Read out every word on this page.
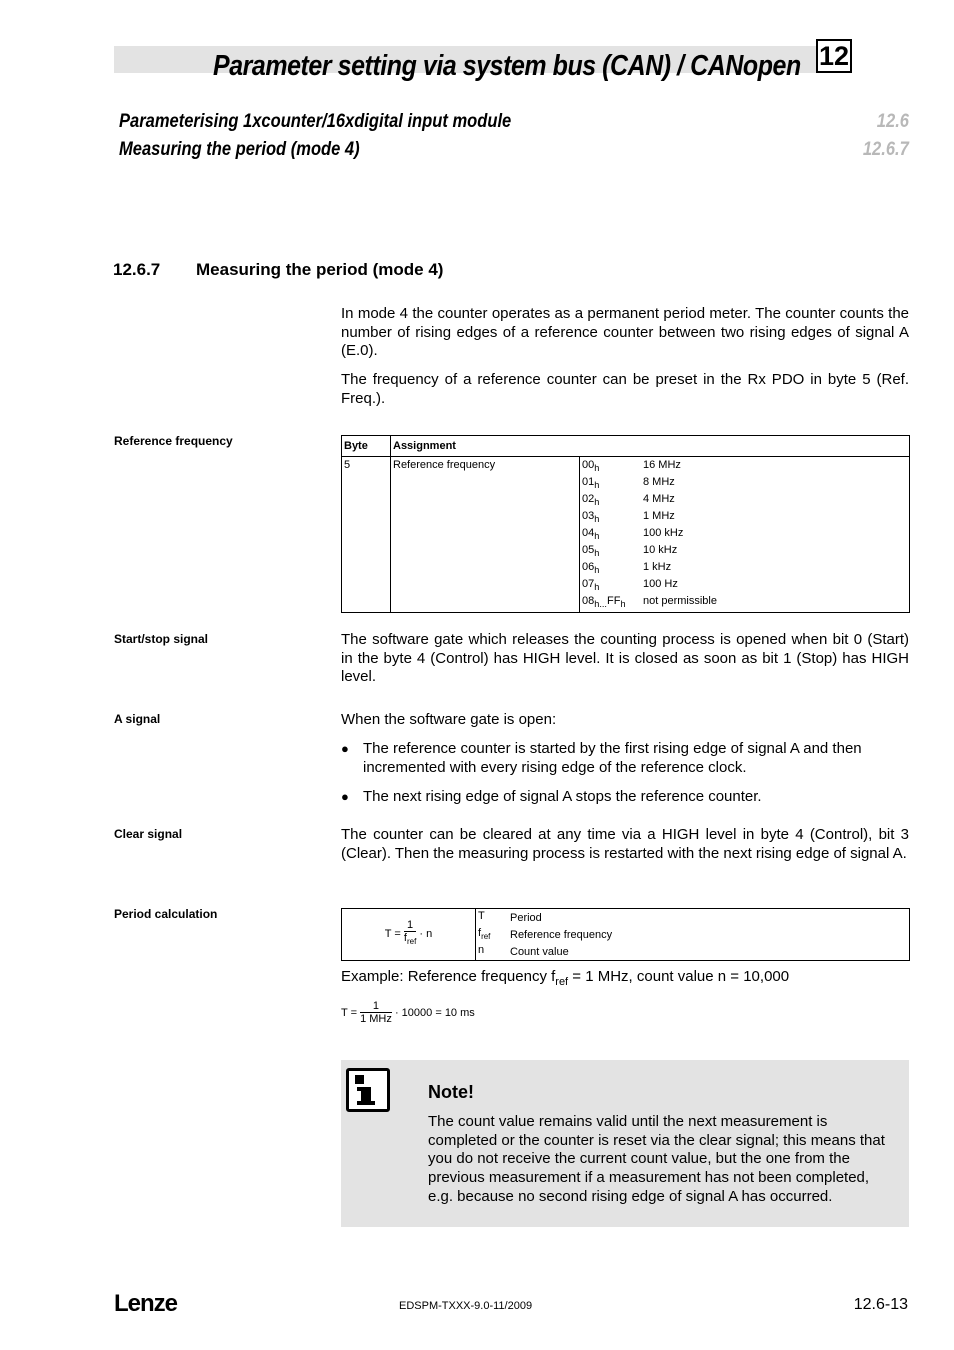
Parameter setting via system bus (CAN) / CANopen 12
Parameterising 1xcounter/16xdigital input module	12.6
Measuring the period (mode 4)	12.6.7
12.6.7 Measuring the period (mode 4)
In mode 4 the counter operates as a permanent period meter. The counter counts the number of rising edges of a reference counter between two rising edges of signal A (E.0).
The frequency of a reference counter can be preset in the Rx PDO in byte 5 (Ref. Freq.).
Reference frequency
Start/stop signal
A signal
Clear signal
Period calculation
Byte	Assignment
5	Reference frequency		$00_h$	16 MHz
$01_h$	8 MHz
$02_h$	4 MHz
$03_h$	1 MHz
$04_h$	100 kHz
$05_h$	10 kHz
$06_h$	1 kHz
$07_h$	100 Hz
$08_{h...}FF_h$	not permissible
The software gate which releases the counting process is opened when bit 0 (Start) in the byte 4 (Control) has HIGH level. It is closed as soon as bit 1 (Stop) has HIGH level.
When the software gate is open:
● The reference counter is started by the first rising edge of signal A and then incremented with every rising edge of the reference clock.
● The next rising edge of signal A stops the reference counter.
The counter can be cleared at any time via a HIGH level in byte 4 (Control), bit 3 (Clear). Then the measuring process is restarted with the next rising edge of signal A.
$T = \frac{1}{f_{ref}} \cdot n$	
T	Period
$f_{ref}$	Reference frequency
n	Count value
Example: Reference frequency $f_{ref} = 1$ MHz, count value n = 10,000
$T = \frac{1}{\text{1 MHz}} \cdot 10000 = 10$ ms
Note!
The count value remains valid until the next measurement is completed or the counter is reset via the clear signal; this means that you do not receive the current count value, but the one from the previous measurement if a measurement has not been completed, e.g. because no second rising edge of signal A has occurred.
Lenze	EDSPM-TXXX-9.0-11/2009	12.6-13
